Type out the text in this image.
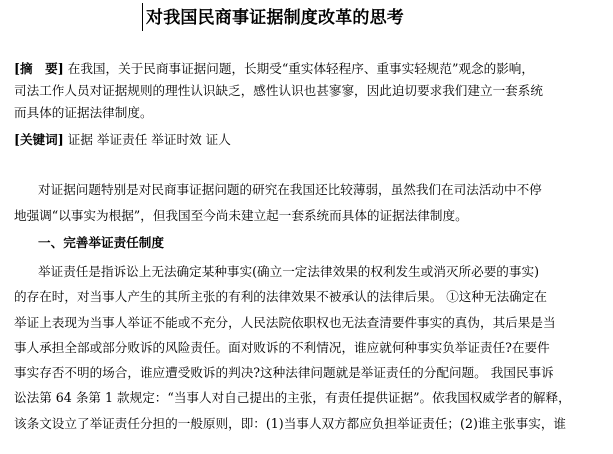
对我国民商事证据制度改革的思考
[摘　要] 在我国，关于民商事证据问题，长期受“重实体轻程序、重事实轻规范”观念的影响，
司法工作人员对证据规则的理性认识缺乏，感性认识也甚寥寥，因此迫切要求我们建立一套系统
而具体的证据法律制度。
[关键词] 证据 举证责任 举证时效 证人
对证据问题特别是对民商事证据问题的研究在我国还比较薄弱，虽然我们在司法活动中不停
地强调“以事实为根据”，但我国至今尚未建立起一套系统而具体的证据法律制度。
一、完善举证责任制度
举证责任是指诉讼上无法确定某种事实(确立一定法律效果的权利发生或消灭所必要的事实)
的存在时，对当事人产生的其所主张的有利的法律效果不被承认的法律后果。 ①这种无法确定在
举证上表现为当事人举证不能或不充分，人民法院依职权也无法查清要件事实的真伪，其后果是当
事人承担全部或部分败诉的风险责任。面对败诉的不利情况，谁应就何种事实负举证责任?在要件
事实存否不明的场合，谁应遭受败诉的判决?这种法律问题就是举证责任的分配问题。 我国民事诉
讼法第 64 条第 1 款规定：“当事人对自己提出的主张，有责任提供证据”。依我国权威学者的解释，
该条文设立了举证责任分担的一般原则，即：(1)当事人双方都应负担举证责任；(2)谁主张事实，谁
